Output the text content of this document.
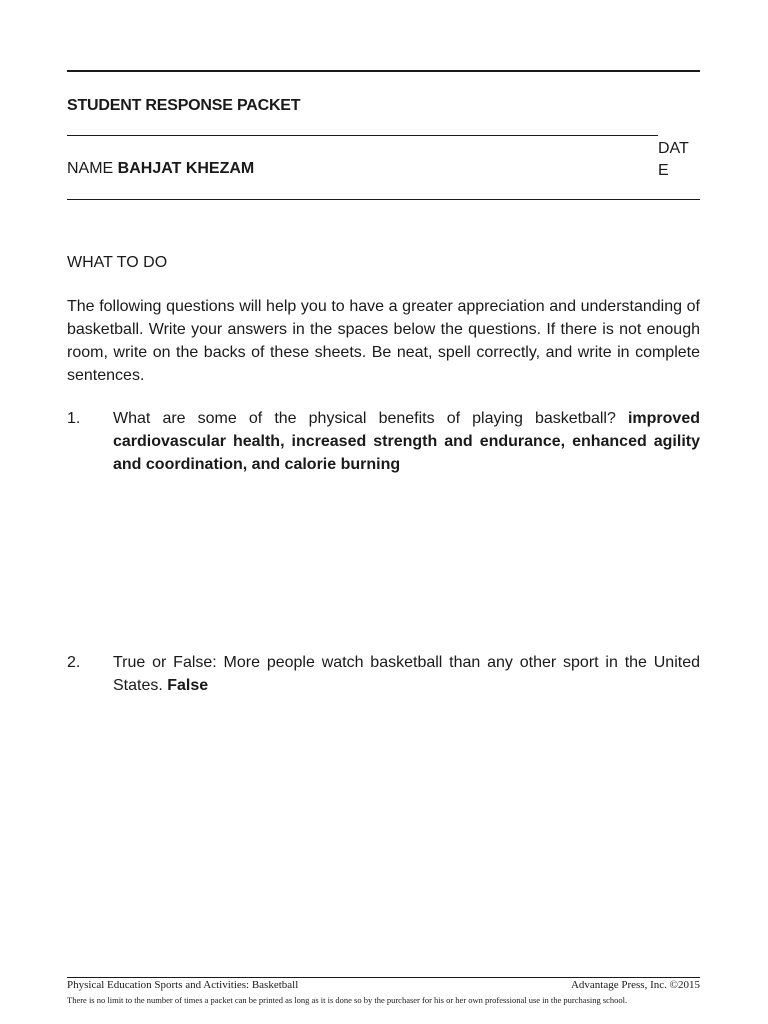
STUDENT RESPONSE PACKET
NAME BAHJAT KHEZAM
DATE
WHAT TO DO
The following questions will help you to have a greater appreciation and understanding of basketball. Write your answers in the spaces below the questions. If there is not enough room, write on the backs of these sheets. Be neat, spell correctly, and write in complete sentences.
1.	What are some of the physical benefits of playing basketball? improved cardiovascular health, increased strength and endurance, enhanced agility and coordination, and calorie burning
2.	True or False: More people watch basketball than any other sport in the United States. False
Physical Education Sports and Activities: Basketball	Advantage Press, Inc. ©2015
There is no limit to the number of times a packet can be printed as long as it is done so by the purchaser for his or her own professional use in the purchasing school.
